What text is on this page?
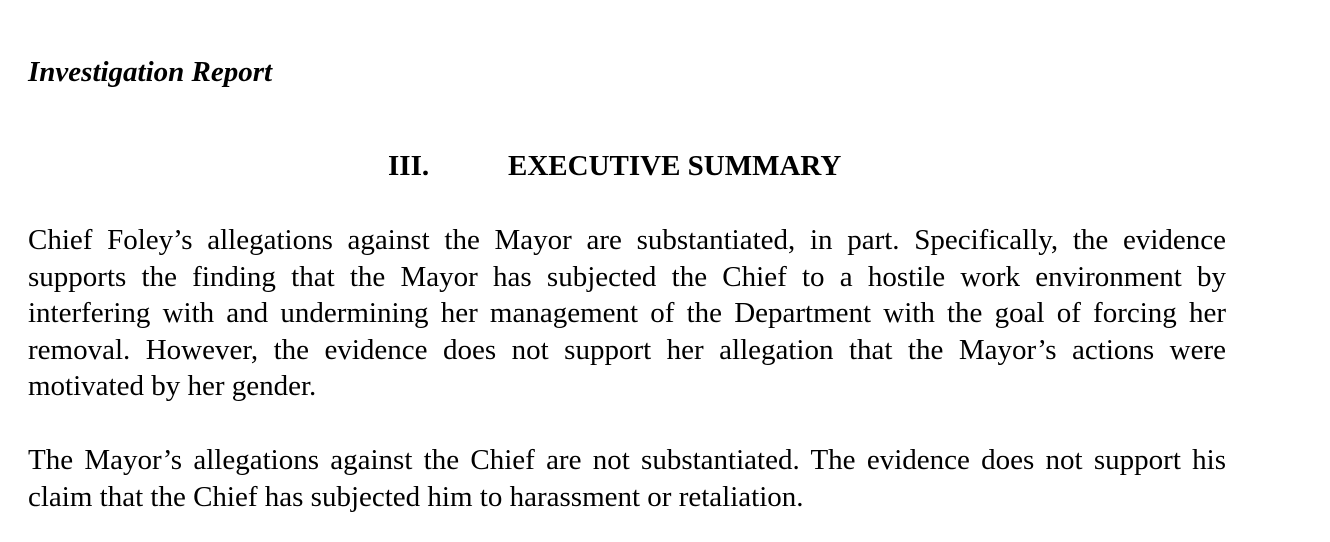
Investigation Report
III.	EXECUTIVE SUMMARY

Chief Foley’s allegations against the Mayor are substantiated, in part. Specifically, the evidence supports the finding that the Mayor has subjected the Chief to a hostile work environment by interfering with and undermining her management of the Department with the goal of forcing her removal. However, the evidence does not support her allegation that the Mayor’s actions were motivated by her gender.

The Mayor’s allegations against the Chief are not substantiated. The evidence does not support his claim that the Chief has subjected him to harassment or retaliation.
